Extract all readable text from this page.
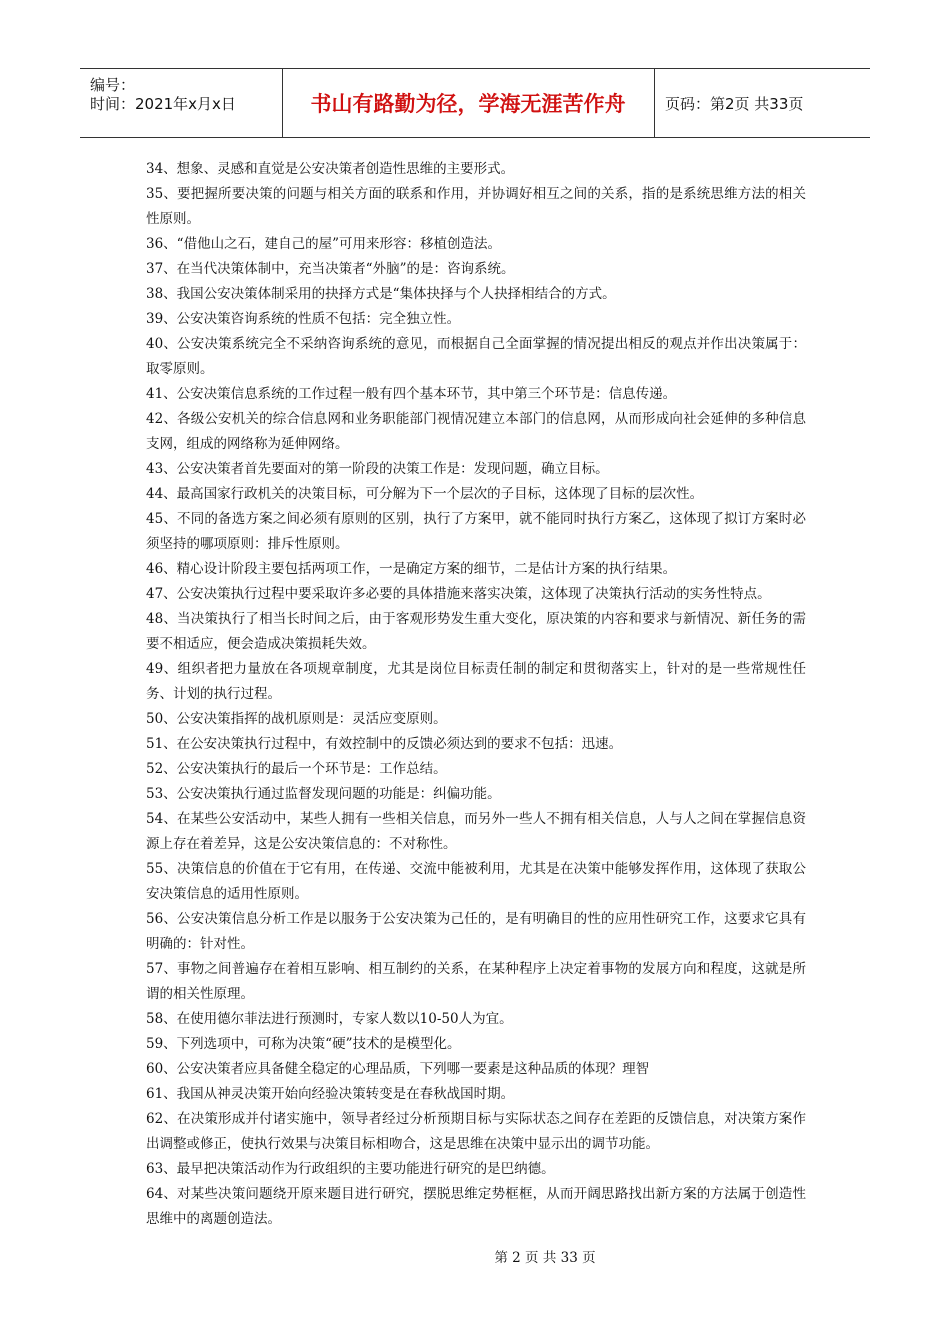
编号：
时间：2021年x月x日	书山有路勤为径，学海无涯苦作舟	页码：第2页 共33页

34、想象、灵感和直觉是公安决策者创造性思维的主要形式。

35、要把握所要决策的问题与相关方面的联系和作用，并协调好相互之间的关系，指的是系统思维方法的相关性原则。

36、“借他山之石，建自己的屋”可用来形容：移植创造法。

37、在当代决策体制中，充当决策者“外脑”的是：咨询系统。

38、我国公安决策体制采用的抉择方式是“集体抉择与个人抉择相结合的方式。

39、公安决策咨询系统的性质不包括：完全独立性。

40、公安决策系统完全不采纳咨询系统的意见，而根据自己全面掌握的情况提出相反的观点并作出决策属于：取零原则。

41、公安决策信息系统的工作过程一般有四个基本环节，其中第三个环节是：信息传递。

42、各级公安机关的综合信息网和业务职能部门视情况建立本部门的信息网，从而形成向社会延伸的多种信息支网，组成的网络称为延伸网络。

43、公安决策者首先要面对的第一阶段的决策工作是：发现问题，确立目标。

44、最高国家行政机关的决策目标，可分解为下一个层次的子目标，这体现了目标的层次性。

45、不同的备选方案之间必须有原则的区别，执行了方案甲，就不能同时执行方案乙，这体现了拟订方案时必须坚持的哪项原则：排斥性原则。

46、精心设计阶段主要包括两项工作，一是确定方案的细节，二是估计方案的执行结果。

47、公安决策执行过程中要采取许多必要的具体措施来落实决策，这体现了决策执行活动的实务性特点。

48、当决策执行了相当长时间之后，由于客观形势发生重大变化，原决策的内容和要求与新情况、新任务的需要不相适应，便会造成决策损耗失效。

49、组织者把力量放在各项规章制度，尤其是岗位目标责任制的制定和贯彻落实上，针对的是一些常规性任务、计划的执行过程。

50、公安决策指挥的战机原则是：灵活应变原则。

51、在公安决策执行过程中，有效控制中的反馈必须达到的要求不包括：迅速。

52、公安决策执行的最后一个环节是：工作总结。

53、公安决策执行通过监督发现问题的功能是：纠偏功能。

54、在某些公安活动中，某些人拥有一些相关信息，而另外一些人不拥有相关信息，人与人之间在掌握信息资源上存在着差异，这是公安决策信息的：不对称性。

55、决策信息的价值在于它有用，在传递、交流中能被利用，尤其是在决策中能够发挥作用，这体现了获取公安决策信息的适用性原则。

56、公安决策信息分析工作是以服务于公安决策为己任的，是有明确目的性的应用性研究工作，这要求它具有明确的：针对性。

57、事物之间普遍存在着相互影响、相互制约的关系，在某种程序上决定着事物的发展方向和程度，这就是所谓的相关性原理。

58、在使用德尔菲法进行预测时，专家人数以10-50人为宜。

59、下列选项中，可称为决策“硬”技术的是模型化。

60、公安决策者应具备健全稳定的心理品质，下列哪一要素是这种品质的体现？理智

61、我国从神灵决策开始向经验决策转变是在春秋战国时期。

62、在决策形成并付诸实施中，领导者经过分析预期目标与实际状态之间存在差距的反馈信息，对决策方案作出调整或修正，使执行效果与决策目标相吻合，这是思维在决策中显示出的调节功能。

63、最早把决策活动作为行政组织的主要功能进行研究的是巴纳德。

64、对某些决策问题绕开原来题目进行研究，摆脱思维定势框框，从而开阔思路找出新方案的方法属于创造性思维中的离题创造法。

第 2 页 共 33 页
